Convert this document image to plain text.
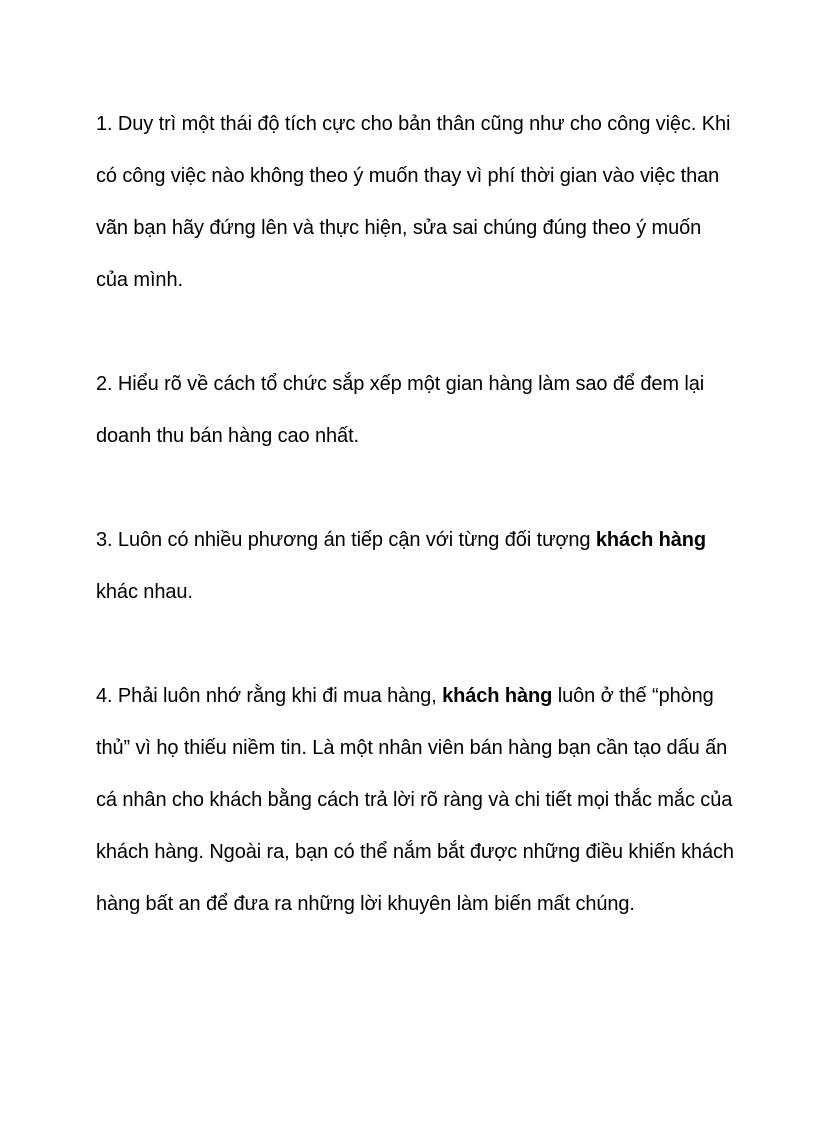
1. Duy trì một thái độ tích cực cho bản thân cũng như cho công việc. Khi có công việc nào không theo ý muốn thay vì phí thời gian vào việc than vãn bạn hãy đứng lên và thực hiện, sửa sai chúng đúng theo ý muốn của mình.

2. Hiểu rõ về cách tổ chức sắp xếp một gian hàng làm sao để đem lại doanh thu bán hàng cao nhất.

3. Luôn có nhiều phương án tiếp cận với từng đối tượng khách hàng khác nhau.

4. Phải luôn nhớ rằng khi đi mua hàng, khách hàng luôn ở thế “phòng thủ” vì họ thiếu niềm tin. Là một nhân viên bán hàng bạn cần tạo dấu ấn cá nhân cho khách bằng cách trả lời rõ ràng và chi tiết mọi thắc mắc của khách hàng. Ngoài ra, bạn có thể nắm bắt được những điều khiến khách hàng bất an để đưa ra những lời khuyên làm biến mất chúng.
